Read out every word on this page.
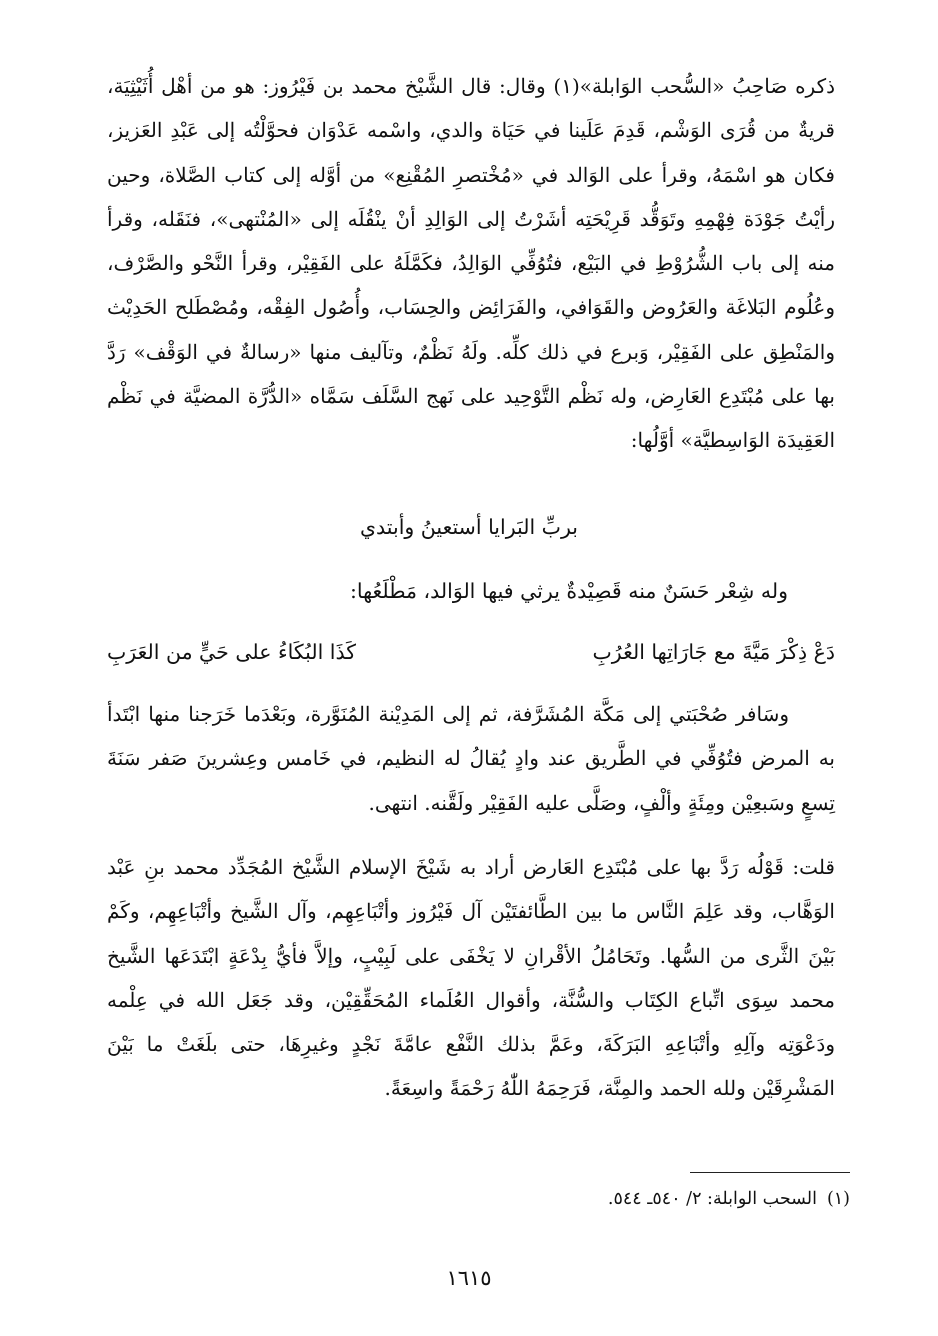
ذكره صَاحِبُ «السُّحب الوَابلة»(١) وقال: قال الشَّيْخ محمد بن فَيْرُوز: هو من أهْل أُثَيْثِيَة، قريةٌ من قُرَى الوَشْم، قَدِمَ عَلَينا في حَيَاة والدي، واسْمه عَدْوَان فحوَّلْتُه إلى عَبْدِ العَزيز، فكان هو اسْمَهُ، وقرأ على الوَالد في «مُخْتصرِ المُقْنِع» من أوَّله إلى كتاب الصَّلاة، وحين رأيْتُ جَوْدَة فِهْمِهِ وتَوَقُّد قَرِيْحَتِه أشَرْتُ إلى الوَالِدِ أنْ ينْقُلَه إلى «المُنْتهى»، فنَقَله، وقرأ منه إلى باب الشُّرُوْطِ في البَيْع، فتُوُفِّي الوَالِدُ، فكَمَّلَهُ على الفَقِيْر، وقرأ النَّحْو والصَّرْف، وعُلُوم البَلاغَة والعَرُوض والقَوَافي، والفَرَائِض والحِسَاب، وأُصُول الفِقْه، ومُصْطَلح الحَدِيْث والمَنْطِق على الفَقِيْر، وَبرع في ذلك كلِّه. ولَهُ نَظْمٌ، وتآليف منها «رسالةٌ في الوَقْف» رَدَّ بها على مُبْتَدِع العَارِض، وله نَظْم التَّوْحِيد على نَهج السَّلَف سَمَّاه «الدُّرَّة المضيَّة في نَظْم العَقِيدَة الوَاسِطيَّة» أوَّلُها:

بربِّ البَرايا أستعينُ وأبتدي
وله شِعْر حَسَنٌ منه قَصِيْدةٌ يرثي فيها الوَالد، مَطْلَعُها:
دَعْ ذِكْرَ مَيَّةَ مع جَارَاتِها العُرُبِ
كَذَا البُكَاءُ على حَيٍّ من العَرَبِ

وسَافر صُحْبَتي إلى مَكَّة المُشَرَّفة، ثم إلى المَدِيْنة المُنَوَّرة، وبَعْدَما خَرَجنا منها ابْتَدأ به المرض فتُوُفِّي في الطَّريق عند وادٍ يُقالُ له النظيم، في خَامس وعِشرينَ صَفر سَنَةَ تِسعٍ وسَبعِيْن ومِئَةٍ وألْفٍ، وصَلَّى عليه الفَقِيْر ولَقَّنه. انتهى.

قلت: قَوْلُه رَدَّ بها على مُبْتَدِع العَارض أراد به شَيْخَ الإسلام الشَّيْخ المُجَدِّد محمد بنِ عَبْد الوَهَّاب، وقد عَلِمَ النَّاس ما بين الطَّائفتَيْن آل فَيْرُوز وأتْبَاعِهِم، وآل الشَّيخ وأتْبَاعِهِم، وكَمْ بَيْنَ الثَّرى من السُّها. وتَحَامُلُ الأقْرانِ لا يَخْفَى على لَبِيْبٍ، وإلاَّ فأيُّ بِدْعَةٍ ابْتَدَعَها الشَّيخ محمد سِوَى اتِّباع الكِتَاب والسُّنَّة، وأقوال العُلَماء المُحَقِّقِيْن، وقد جَعَل الله في عِلْمه ودَعْوَتِه وآلِهِ وأتْبَاعِهِ البَرَكَةَ، وعَمَّ بذلك النَّفْع عامَّةَ نَجْدٍ وغيرِهَا، حتى بلَغَتْ ما بَيْنَ المَشْرِقَيْن ولله الحمد والمِنَّة، فَرَحِمَهُ اللّٰهُ رَحْمَةً واسِعَةً.

(١)السحب الوابلة: ٢/ ٥٤٠ـ ٥٤٤.
١٦١٥
